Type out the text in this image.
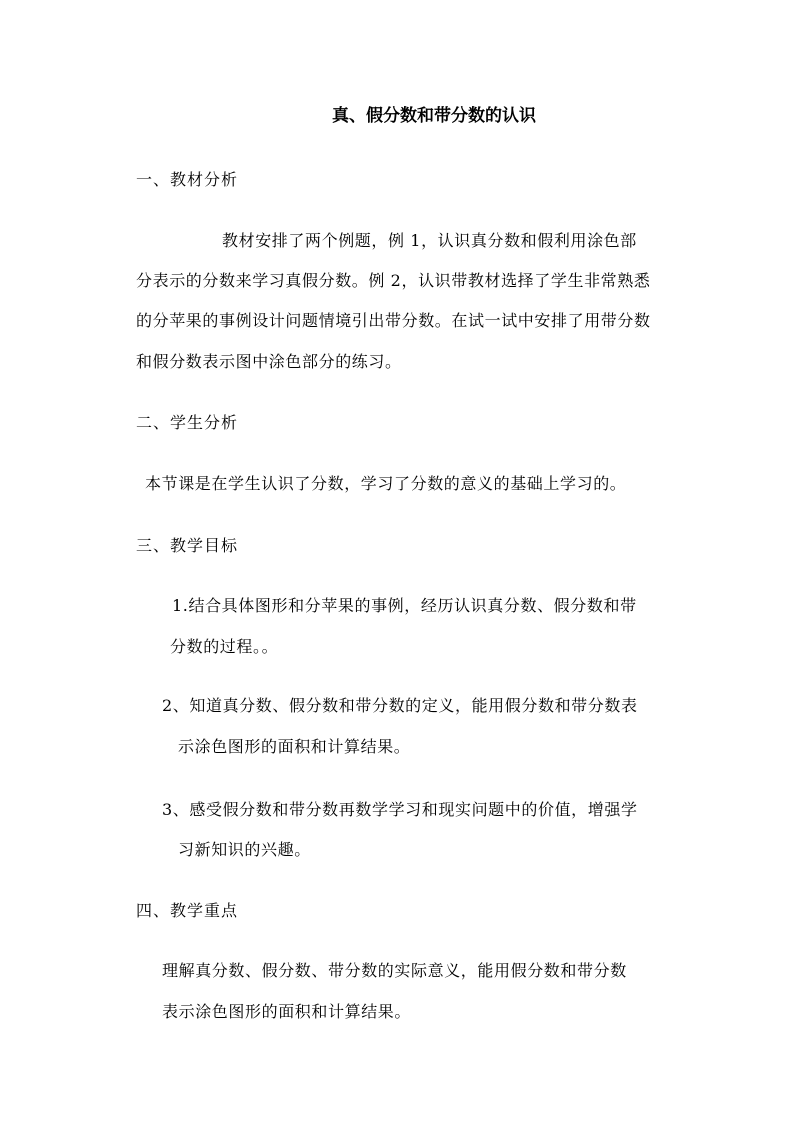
真、假分数和带分数的认识
一、教材分析
教材安排了两个例题，例 1，认识真分数和假利用涂色部
分表示的分数来学习真假分数。例 2，认识带教材选择了学生非常熟悉
的分苹果的事例设计问题情境引出带分数。在试一试中安排了用带分数
和假分数表示图中涂色部分的练习。
二、学生分析
本节课是在学生认识了分数，学习了分数的意义的基础上学习的。
三、教学目标
1.结合具体图形和分苹果的事例，经历认识真分数、假分数和带
分数的过程。。
2、知道真分数、假分数和带分数的定义，能用假分数和带分数表
示涂色图形的面积和计算结果。
3、感受假分数和带分数再数学学习和现实问题中的价值，增强学
习新知识的兴趣。
四、教学重点
理解真分数、假分数、带分数的实际意义，能用假分数和带分数
表示涂色图形的面积和计算结果。
